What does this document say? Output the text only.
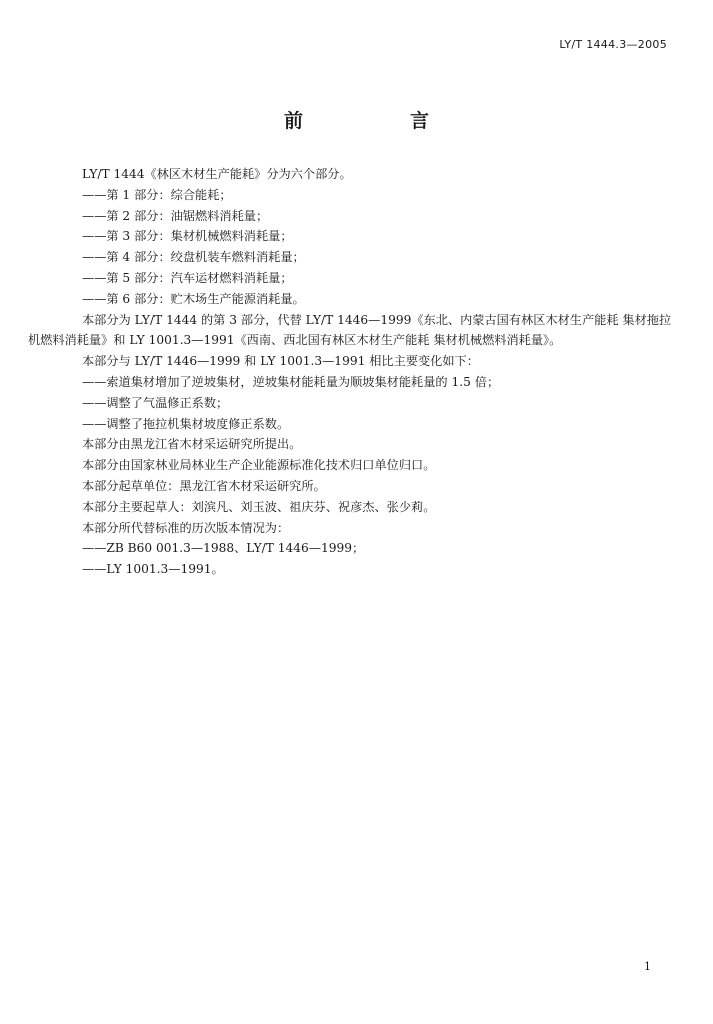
LY/T 1444.3—2005
前　言

LY/T 1444《林区木材生产能耗》分为六个部分。

——第 1 部分：综合能耗；

——第 2 部分：油锯燃料消耗量；

——第 3 部分：集材机械燃料消耗量；

——第 4 部分：绞盘机装车燃料消耗量；

——第 5 部分：汽车运材燃料消耗量；

——第 6 部分：贮木场生产能源消耗量。

本部分为 LY/T 1444 的第 3 部分，代替 LY/T 1446—1999《东北、内蒙古国有林区木材生产能耗 集材拖拉机燃料消耗量》和 LY 1001.3—1991《西南、西北国有林区木材生产能耗 集材机械燃料消耗量》。

本部分与 LY/T 1446—1999 和 LY 1001.3—1991 相比主要变化如下：

——索道集材增加了逆坡集材，逆坡集材能耗量为顺坡集材能耗量的 1.5 倍；

——调整了气温修正系数；

——调整了拖拉机集材坡度修正系数。

本部分由黑龙江省木材采运研究所提出。

本部分由国家林业局林业生产企业能源标准化技术归口单位归口。

本部分起草单位：黑龙江省木材采运研究所。

本部分主要起草人：刘滨凡、刘玉波、祖庆芬、祝彦杰、张少莉。

本部分所代替标准的历次版本情况为：

——ZB B60 001.3—1988、LY/T 1446—1999；

——LY 1001.3—1991。

1
